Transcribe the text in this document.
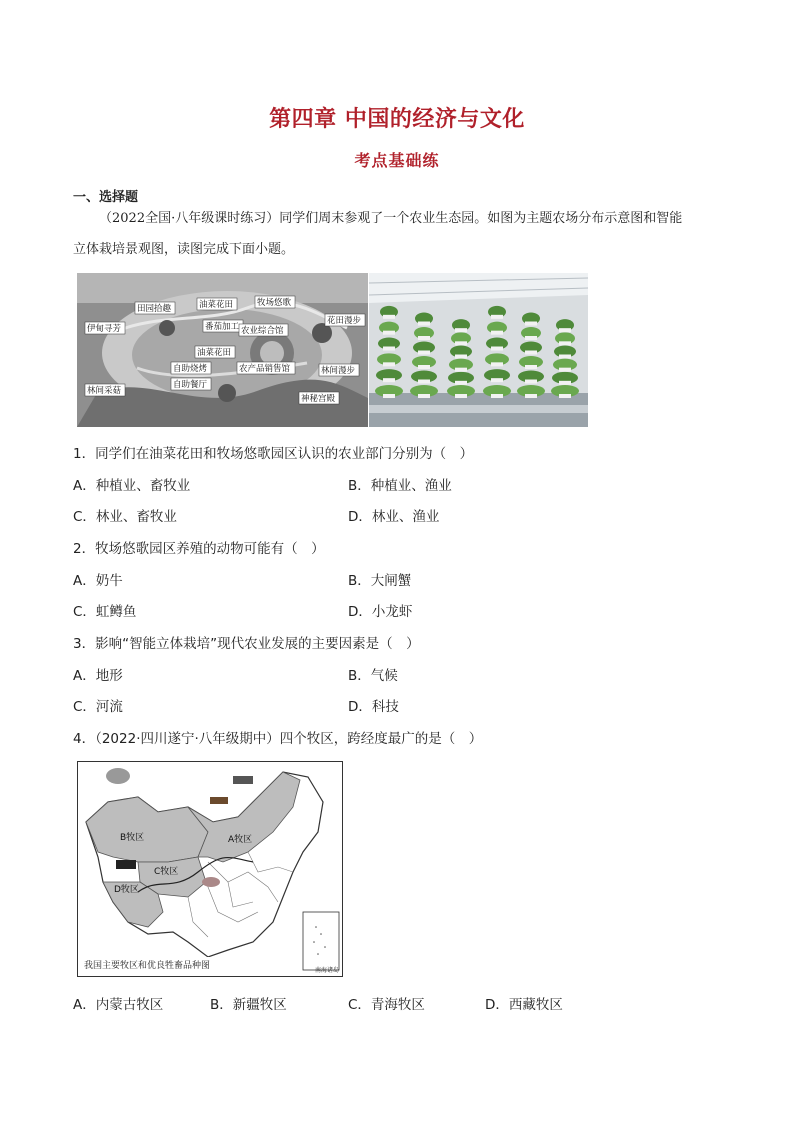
第四章 中国的经济与文化
考点基础练
一、选择题
（2022全国·八年级课时练习）同学们周末参观了一个农业生态园。如图为主题农场分布示意图和智能
立体栽培景观图，读图完成下面小题。
田园拾趣	油菜花田	牧场悠歌
伊甸寻芳	番茄加工 农业综合馆
花田漫步
油菜花田
自助烧烤	农产品销售馆
林间采菇
自助餐厅
林间漫步
神秘宫殿
1．同学们在油菜花田和牧场悠歌园区认识的农业部门分别为（　）
A．种植业、畜牧业	B．种植业、渔业
C．林业、畜牧业	D．林业、渔业
2．牧场悠歌园区养殖的动物可能有（　）
A．奶牛	B．大闸蟹
C．虹鳟鱼	D．小龙虾
3．影响“智能立体栽培”现代农业发展的主要因素是（　）
A．地形	B．气候
C．河流	D．科技
4．（2022·四川遂宁·八年级期中）四个牧区，跨经度最广的是（　）
B牧区	A牧区
C牧区
D牧区
我国主要牧区和优良牲畜品种图	南海诸岛
A．内蒙古牧区	B．新疆牧区	C．青海牧区	D．西藏牧区
